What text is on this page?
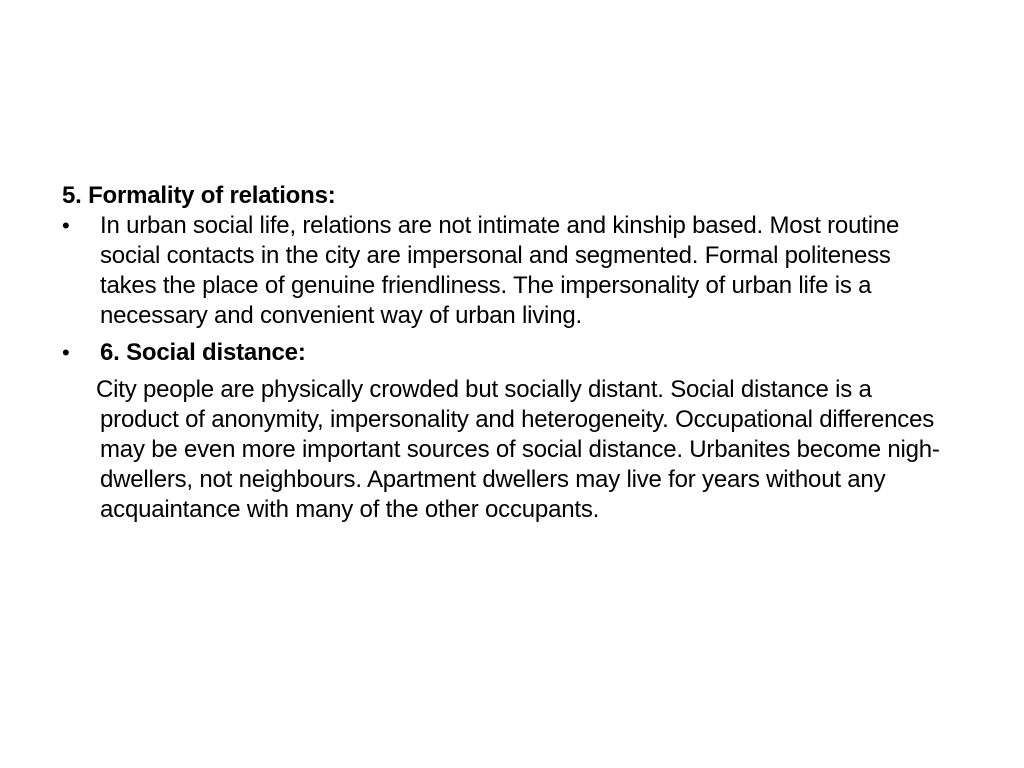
5. Formality of relations:

•	In urban social life, relations are not intimate and kinship based. Most routine social contacts in the city are impersonal and segmented. Formal politeness takes the place of genuine friendliness. The impersonality of urban life is a necessary and convenient way of urban living.

•	6. Social distance:

City people are physically crowded but socially distant. Social distance is a product of anonymity, impersonality and heterogeneity. Occupational differences may be even more important sources of social distance. Urbanites become nigh-dwellers, not neighbours. Apartment dwellers may live for years without any acquaintance with many of the other occupants.
